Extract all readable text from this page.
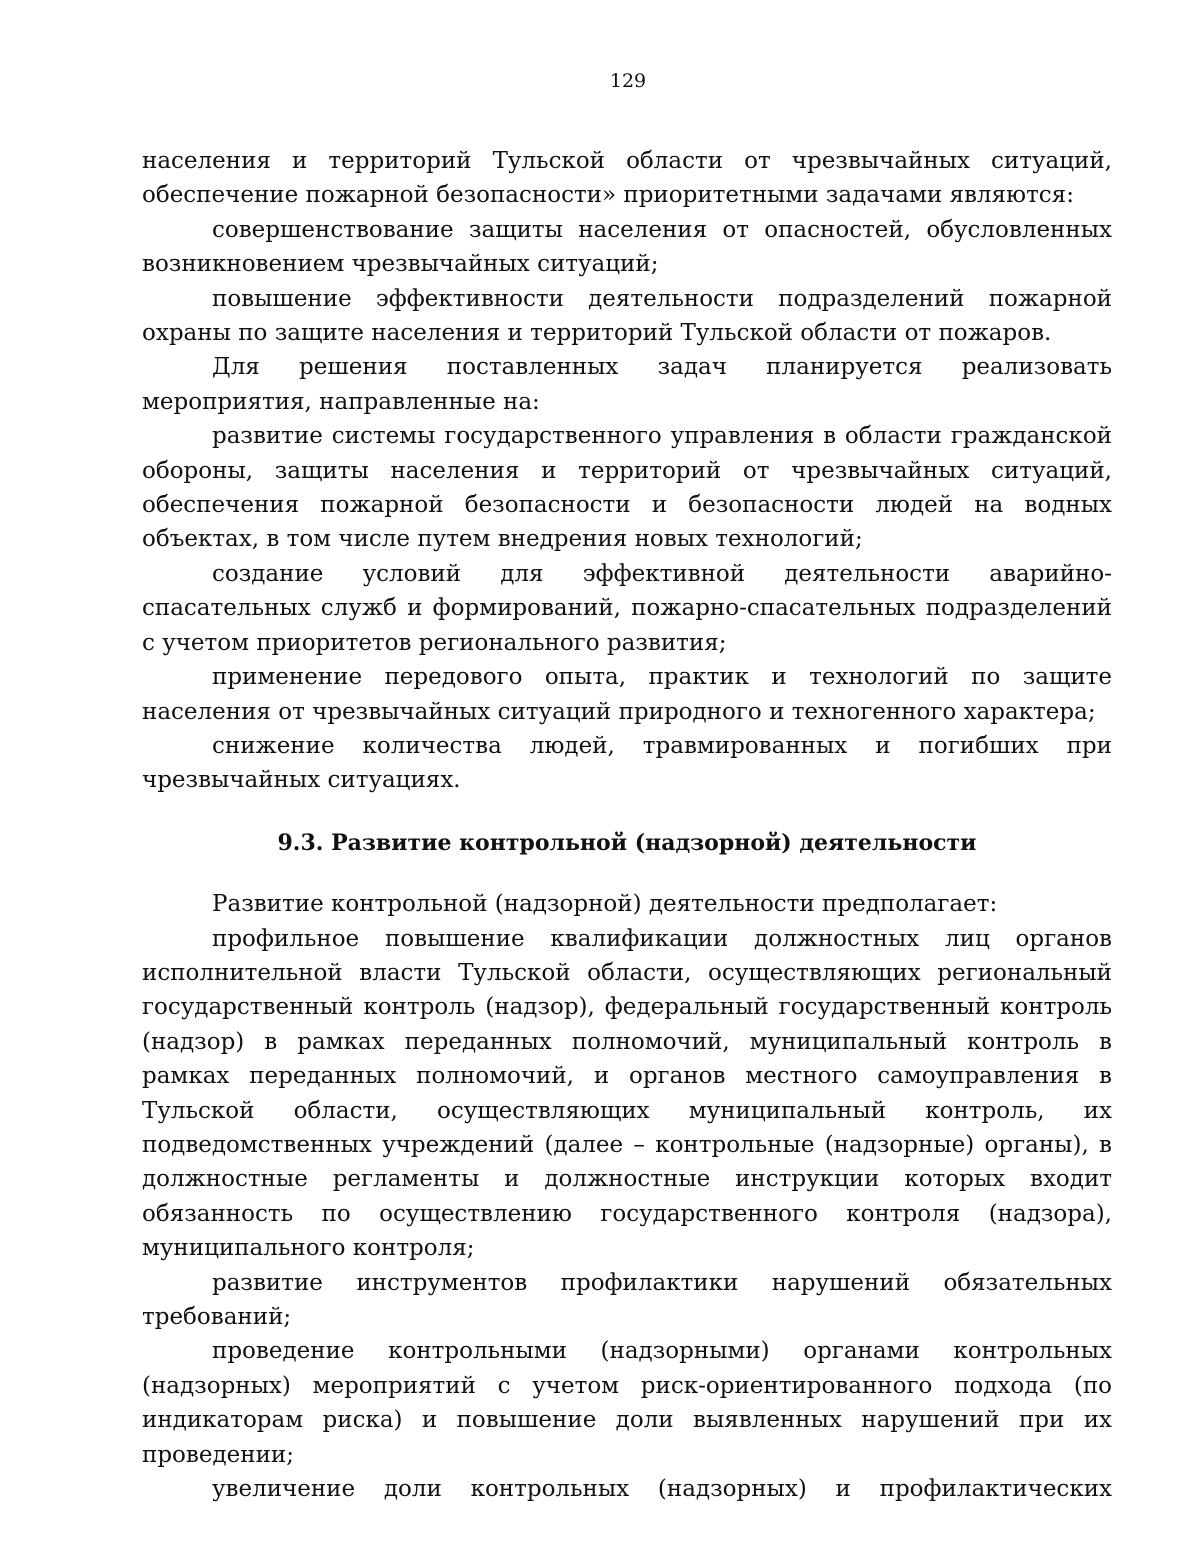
129

населения и территорий Тульской области от чрезвычайных ситуаций, обеспечение пожарной безопасности» приоритетными задачами являются:

совершенствование защиты населения от опасностей, обусловленных возникновением чрезвычайных ситуаций;

повышение эффективности деятельности подразделений пожарной охраны по защите населения и территорий Тульской области от пожаров.

Для решения поставленных задач планируется реализовать мероприятия, направленные на:

развитие системы государственного управления в области гражданской обороны, защиты населения и территорий от чрезвычайных ситуаций, обеспечения пожарной безопасности и безопасности людей на водных объектах, в том числе путем внедрения новых технологий;

создание условий для эффективной деятельности аварийно-спасательных служб и формирований, пожарно-спасательных подразделений с учетом приоритетов регионального развития;

применение передового опыта, практик и технологий по защите населения от чрезвычайных ситуаций природного и техногенного характера;

снижение количества людей, травмированных и погибших при чрезвычайных ситуациях.

9.3. Развитие контрольной (надзорной) деятельности

Развитие контрольной (надзорной) деятельности предполагает:

профильное повышение квалификации должностных лиц органов исполнительной власти Тульской области, осуществляющих региональный государственный контроль (надзор), федеральный государственный контроль (надзор) в рамках переданных полномочий, муниципальный контроль в рамках переданных полномочий, и органов местного самоуправления в Тульской области, осуществляющих муниципальный контроль, их подведомственных учреждений (далее – контрольные (надзорные) органы), в должностные регламенты и должностные инструкции которых входит обязанность по осуществлению государственного контроля (надзора), муниципального контроля;

развитие инструментов профилактики нарушений обязательных требований;

проведение контрольными (надзорными) органами контрольных (надзорных) мероприятий с учетом риск-ориентированного подхода (по индикаторам риска) и повышение доли выявленных нарушений при их проведении;

увеличение доли контрольных (надзорных) и профилактических
